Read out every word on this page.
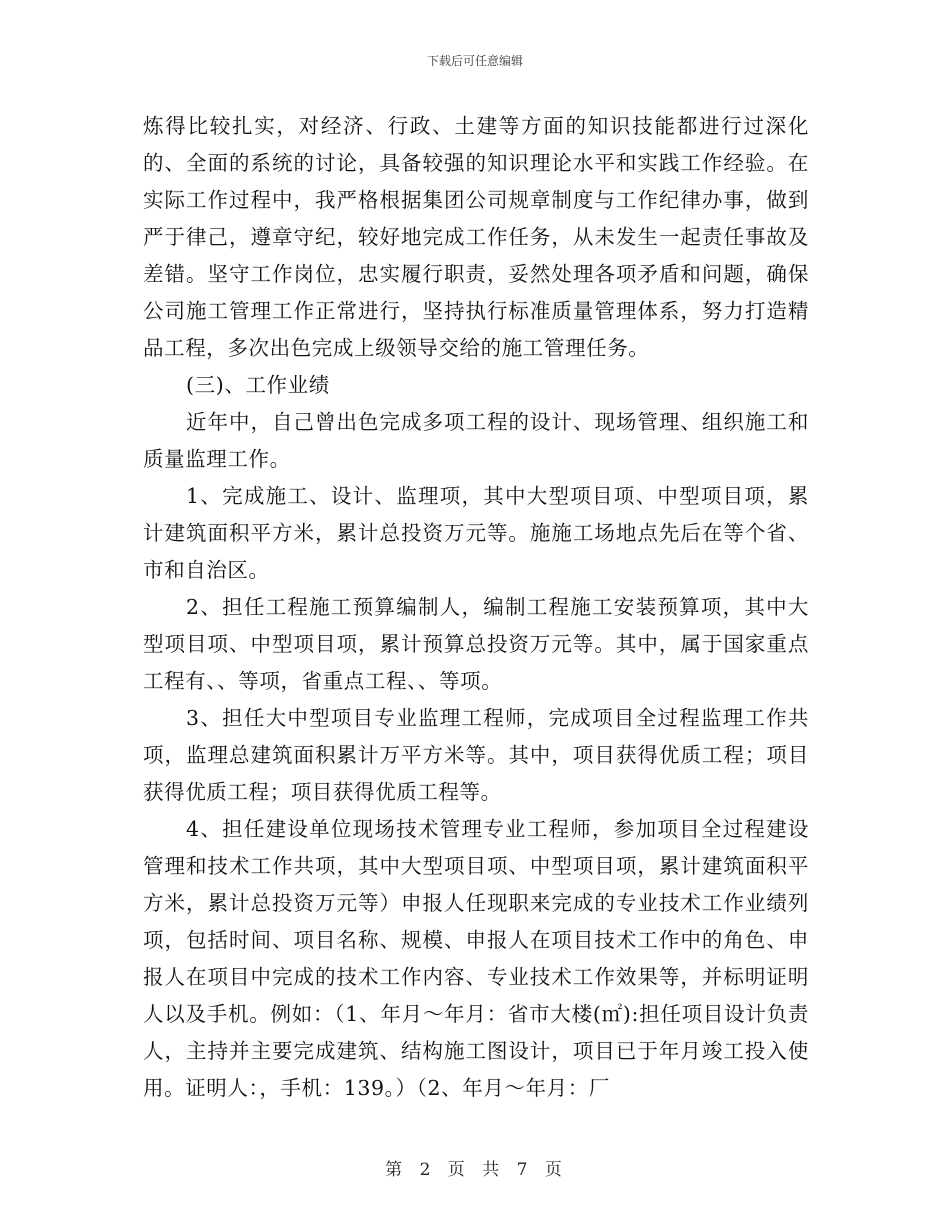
下载后可任意编辑

炼得比较扎实，对经济、行政、土建等方面的知识技能都进行过深化的、全面的系统的讨论，具备较强的知识理论水平和实践工作经验。在实际工作过程中，我严格根据集团公司规章制度与工作纪律办事，做到严于律己，遵章守纪，较好地完成工作任务，从未发生一起责任事故及差错。坚守工作岗位，忠实履行职责，妥然处理各项矛盾和问题，确保公司施工管理工作正常进行，坚持执行标准质量管理体系，努力打造精品工程，多次出色完成上级领导交给的施工管理任务。

(三)、工作业绩

近年中，自己曾出色完成多项工程的设计、现场管理、组织施工和质量监理工作。

1、完成施工、设计、监理项，其中大型项目项、中型项目项，累计建筑面积平方米，累计总投资万元等。施施工场地点先后在等个省、市和自治区。

2、担任工程施工预算编制人，编制工程施工安装预算项，其中大型项目项、中型项目项，累计预算总投资万元等。其中，属于国家重点工程有、、等项，省重点工程、、等项。

3、担任大中型项目专业监理工程师，完成项目全过程监理工作共项，监理总建筑面积累计万平方米等。其中，项目获得优质工程；项目获得优质工程；项目获得优质工程等。

4、担任建设单位现场技术管理专业工程师，参加项目全过程建设管理和技术工作共项，其中大型项目项、中型项目项，累计建筑面积平方米，累计总投资万元等）申报人任现职来完成的专业技术工作业绩列项，包括时间、项目名称、规模、申报人在项目技术工作中的角色、申报人在项目中完成的技术工作内容、专业技术工作效果等，并标明证明人以及手机。例如：（1、年月～年月：省市大楼(㎡):担任项目设计负责人，主持并主要完成建筑、结构施工图设计，项目已于年月竣工投入使用。证明人：，手机：139。）（2、年月～年月：厂

第 2 页 共 7 页
